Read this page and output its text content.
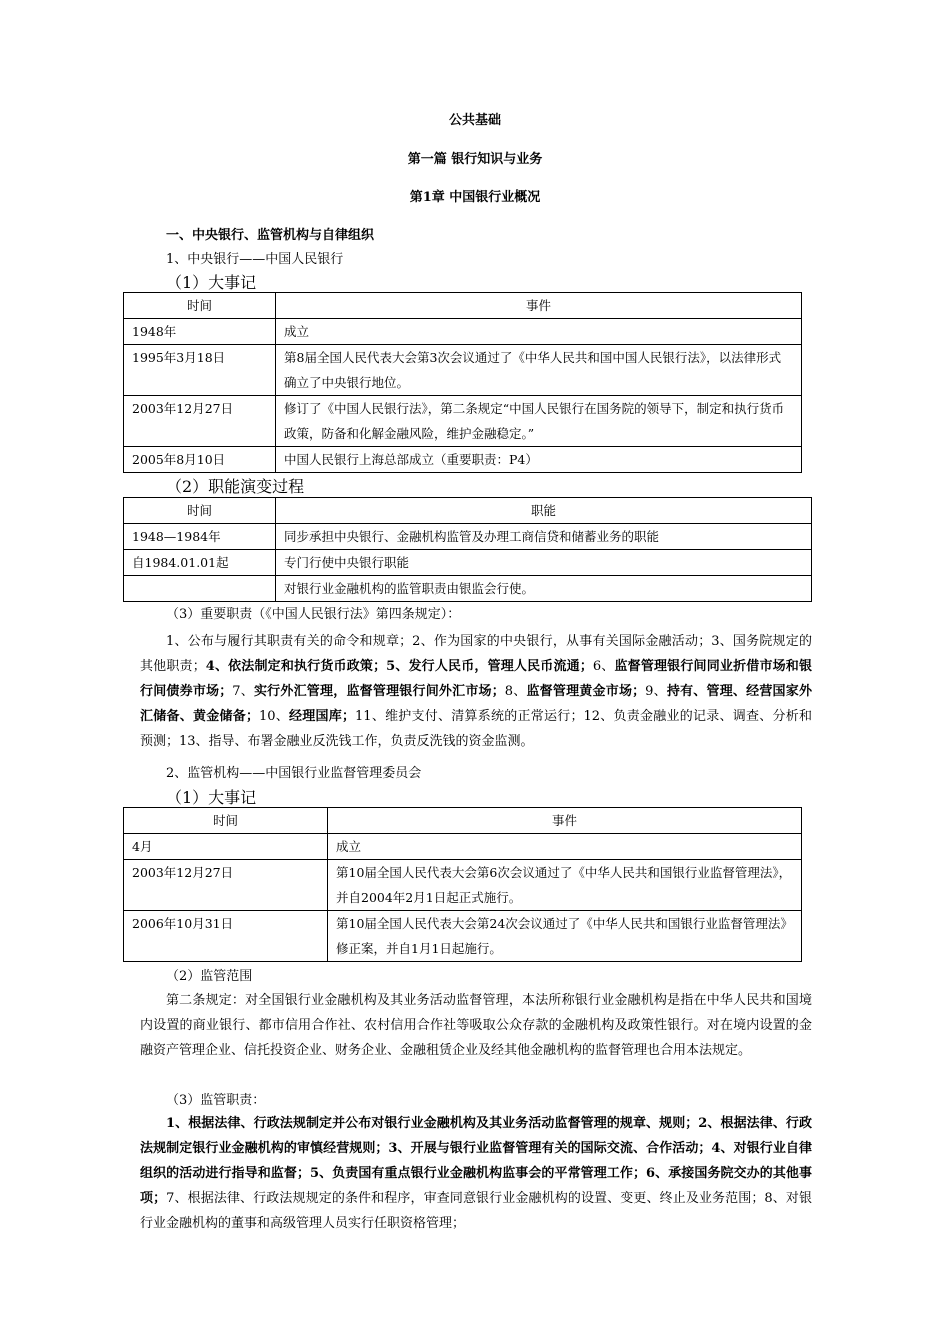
公共基础
第一篇 银行知识与业务
第1章 中国银行业概况
一、中央银行、监管机构与自律组织
1、中央银行——中国人民银行
（1）大事记
时间	事件
1948年	成立
1995年3月18日	第8届全国人民代表大会第3次会议通过了《中华人民共和国中国人民银行法》，以法律形式确立了中央银行地位。
2003年12月27日	修订了《中国人民银行法》，第二条规定“中国人民银行在国务院的领导下，制定和执行货币政策，防备和化解金融风险，维护金融稳定。”
2005年8月10日	中国人民银行上海总部成立（重要职责：P4）
（2）职能演变过程
时间	职能
1948—1984年	同步承担中央银行、金融机构监管及办理工商信贷和储蓄业务的职能
自1984.01.01起	专门行使中央银行职能
	对银行业金融机构的监管职责由银监会行使。
（3）重要职责（《中国人民银行法》第四条规定）：
1、公布与履行其职责有关的命令和规章；2、作为国家的中央银行，从事有关国际金融活动；3、国务院规定的其他职责；4、依法制定和执行货币政策；5、发行人民币，管理人民币流通；6、监督管理银行间同业折借市场和银行间债券市场；7、实行外汇管理，监督管理银行间外汇市场；8、监督管理黄金市场；9、持有、管理、经营国家外汇储备、黄金储备；10、经理国库；11、维护支付、清算系统的正常运行；12、负责金融业的记录、调查、分析和预测；13、指导、布署金融业反洗钱工作，负责反洗钱的资金监测。
2、监管机构——中国银行业监督管理委员会
（1）大事记
时间	事件
4月	成立
2003年12月27日	第10届全国人民代表大会第6次会议通过了《中华人民共和国银行业监督管理法》，并自2004年2月1日起正式施行。
2006年10月31日	第10届全国人民代表大会第24次会议通过了《中华人民共和国银行业监督管理法》修正案，并自1月1日起施行。
（2）监管范围
第二条规定：对全国银行业金融机构及其业务活动监督管理，本法所称银行业金融机构是指在中华人民共和国境内设置的商业银行、都市信用合作社、农村信用合作社等吸取公众存款的金融机构及政策性银行。对在境内设置的金融资产管理企业、信托投资企业、财务企业、金融租赁企业及经其他金融机构的监督管理也合用本法规定。
（3）监管职责：
1、根据法律、行政法规制定并公布对银行业金融机构及其业务活动监督管理的规章、规则；2、根据法律、行政法规制定银行业金融机构的审慎经营规则；3、开展与银行业监督管理有关的国际交流、合作活动；4、对银行业自律组织的活动进行指导和监督；5、负责国有重点银行业金融机构监事会的平常管理工作；6、承接国务院交办的其他事项；7、根据法律、行政法规规定的条件和程序，审查同意银行业金融机构的设置、变更、终止及业务范围；8、对银行业金融机构的董事和高级管理人员实行任职资格管理；
